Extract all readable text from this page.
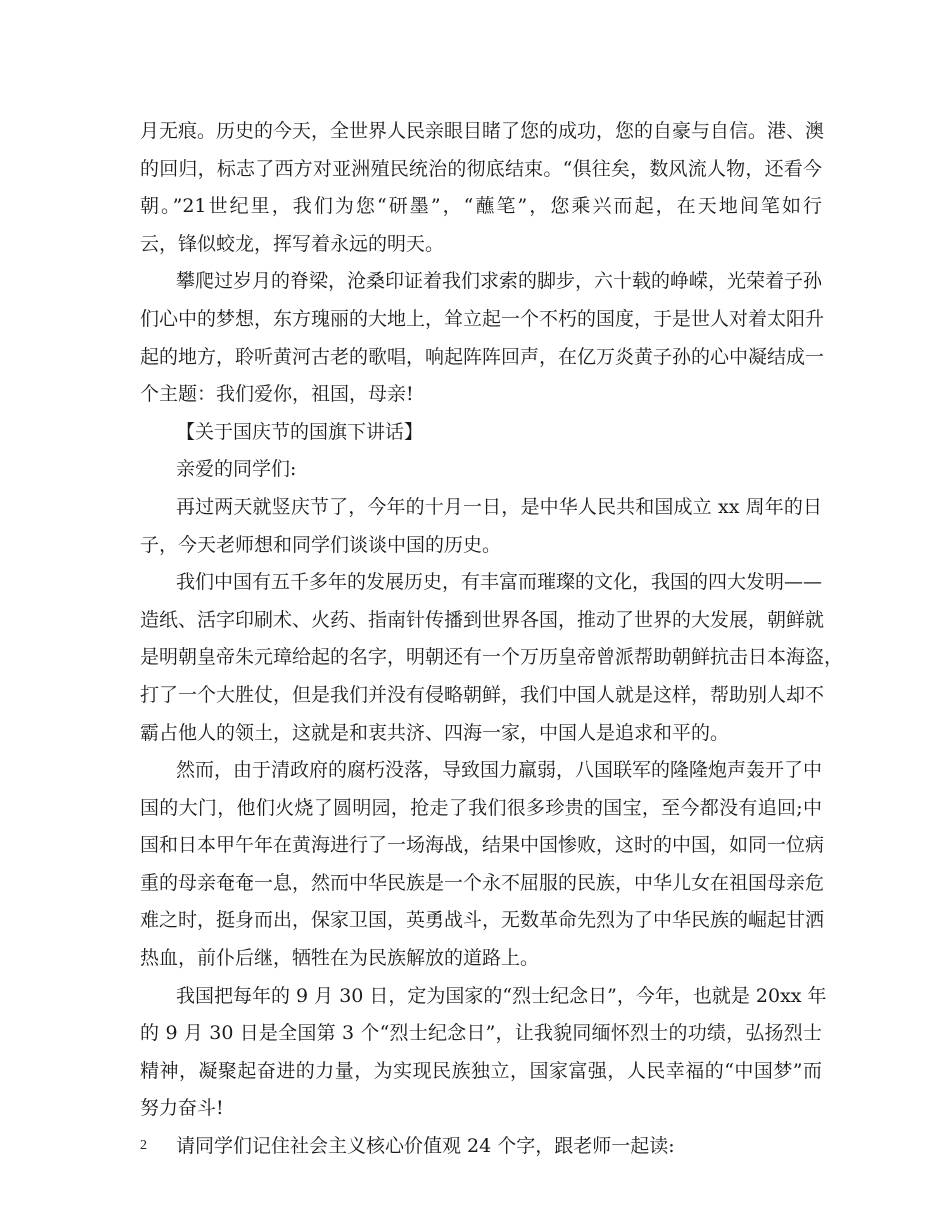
月无痕。历史的今天，全世界人民亲眼目睹了您的成功，您的自豪与自信。港、澳
的回归，标志了西方对亚洲殖民统治的彻底结束。“俱往矣，数风流人物，还看今
朝。”21世纪里，我们为您“研墨”，“蘸笔”，您乘兴而起，在天地间笔如行
云，锋似蛟龙，挥写着永远的明天。
攀爬过岁月的脊梁，沧桑印证着我们求索的脚步，六十载的峥嵘，光荣着子孙
们心中的梦想，东方瑰丽的大地上，耸立起一个不朽的国度，于是世人对着太阳升
起的地方，聆听黄河古老的歌唱，响起阵阵回声，在亿万炎黄子孙的心中凝结成一
个主题：我们爱你，祖国，母亲!
【关于国庆节的国旗下讲话】
亲爱的同学们:
再过两天就竖庆节了，今年的十月一日，是中华人民共和国成立 xx 周年的日
子，今天老师想和同学们谈谈中国的历史。
我们中国有五千多年的发展历史，有丰富而璀璨的文化，我国的四大发明——
造纸、活字印刷术、火药、指南针传播到世界各国，推动了世界的大发展，朝鲜就
是明朝皇帝朱元璋给起的名字，明朝还有一个万历皇帝曾派帮助朝鲜抗击日本海盗，
打了一个大胜仗，但是我们并没有侵略朝鲜，我们中国人就是这样，帮助别人却不
霸占他人的领土，这就是和衷共济、四海一家，中国人是追求和平的。
然而，由于清政府的腐朽没落，导致国力羸弱，八国联军的隆隆炮声轰开了中
国的大门，他们火烧了圆明园，抢走了我们很多珍贵的国宝，至今都没有追回;中
国和日本甲午年在黄海进行了一场海战，结果中国惨败，这时的中国，如同一位病
重的母亲奄奄一息，然而中华民族是一个永不屈服的民族，中华儿女在祖国母亲危
难之时，挺身而出，保家卫国，英勇战斗，无数革命先烈为了中华民族的崛起甘洒
热血，前仆后继，牺牲在为民族解放的道路上。
我国把每年的 9 月 30 日，定为国家的“烈士纪念日”，今年，也就是 20xx 年
的 9 月 30 日是全国第 3 个“烈士纪念日”，让我貌同缅怀烈士的功绩，弘扬烈士
精神，凝聚起奋进的力量，为实现民族独立，国家富强，人民幸福的“中国梦”而
努力奋斗!
请同学们记住社会主义核心价值观 24 个字，跟老师一起读:
2
